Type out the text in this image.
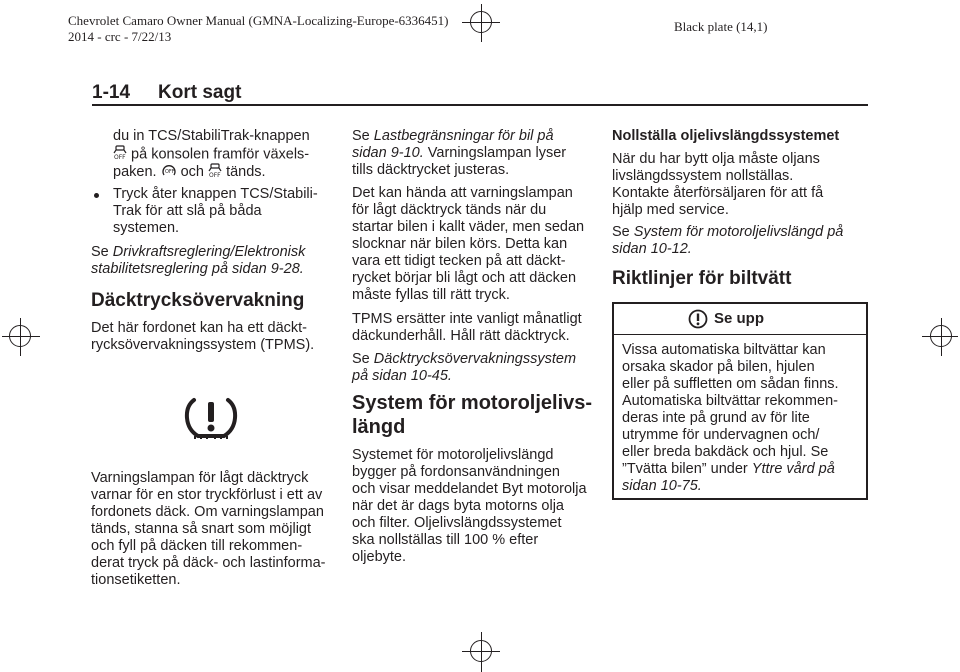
Chevrolet Camaro Owner Manual (GMNA-Localizing-Europe-6336451)
2014 - crc - 7/22/13
Black plate (14,1)
1-14 Kort sagt
du in TCS/StabiliTrak-knappen
OFF på konsolen framför växels-
paken. OFF och OFF tänds.
Tryck åter knappen TCS/Stabili-
Trak för att slå på båda
systemen.
Se Drivkraftsreglering/Elektronisk
stabilitetsreglering på sidan 9-28.
Däcktrycksövervakning
Det här fordonet kan ha ett däckt-
rycksövervakningssystem (TPMS).
Varningslampan för lågt däcktryck
varnar för en stor tryckförlust i ett av
fordonets däck. Om varningslampan
tänds, stanna så snart som möjligt
och fyll på däcken till rekommen-
derat tryck på däck- och lastinforma-
tionsetiketten.
Se Lastbegränsningar för bil på
sidan 9-10. Varningslampan lyser
tills däcktrycket justeras.
Det kan hända att varningslampan
för lågt däcktryck tänds när du
startar bilen i kallt väder, men sedan
slocknar när bilen körs. Detta kan
vara ett tidigt tecken på att däckt-
rycket börjar bli lågt och att däcken
måste fyllas till rätt tryck.
TPMS ersätter inte vanligt månatligt
däckunderhåll. Håll rätt däcktryck.
Se Däcktrycksövervakningssystem
på sidan 10-45.
System för motoroljelivs-
längd
Systemet för motoroljelivslängd
bygger på fordonsanvändningen
och visar meddelandet Byt motorolja
när det är dags byta motorns olja
och filter. Oljelivslängdssystemet
ska nollställas till 100 % efter
oljebyte.
Nollställa oljelivslängdssystemet
När du har bytt olja måste oljans
livslängdssystem nollställas.
Kontakte återförsäljaren för att få
hjälp med service.
Se System för motoroljelivslängd på
sidan 10-12.
Riktlinjer för biltvätt
Se upp
Vissa automatiska biltvättar kan
orsaka skador på bilen, hjulen
eller på suffletten om sådan finns.
Automatiska biltvättar rekommen-
deras inte på grund av för lite
utrymme för undervagnen och/
eller breda bakdäck och hjul. Se
”Tvätta bilen” under Yttre vård på
sidan 10-75.
